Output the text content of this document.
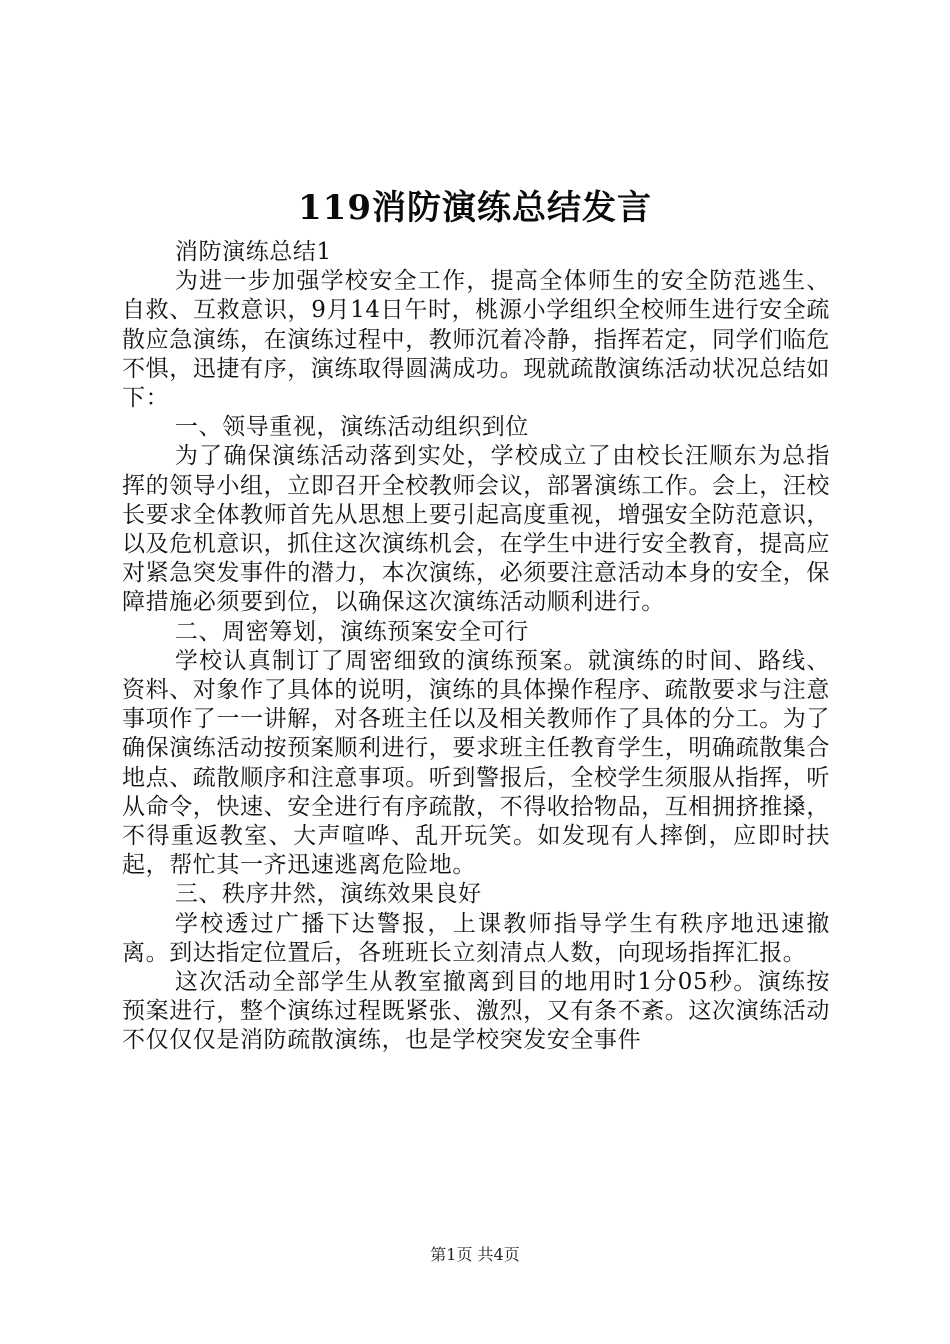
119消防演练总结发言

消防演练总结1

为进一步加强学校安全工作，提高全体师生的安全防范逃生、自救、互救意识，9月14日午时，桃源小学组织全校师生进行安全疏散应急演练，在演练过程中，教师沉着冷静，指挥若定，同学们临危不惧，迅捷有序，演练取得圆满成功。现就疏散演练活动状况总结如下：

一、领导重视，演练活动组织到位

为了确保演练活动落到实处，学校成立了由校长汪顺东为总指挥的领导小组，立即召开全校教师会议，部署演练工作。会上，汪校长要求全体教师首先从思想上要引起高度重视，增强安全防范意识，以及危机意识，抓住这次演练机会，在学生中进行安全教育，提高应对紧急突发事件的潜力，本次演练，必须要注意活动本身的安全，保障措施必须要到位，以确保这次演练活动顺利进行。

二、周密筹划，演练预案安全可行

学校认真制订了周密细致的演练预案。就演练的时间、路线、资料、对象作了具体的说明，演练的具体操作程序、疏散要求与注意事项作了一一讲解，对各班主任以及相关教师作了具体的分工。为了确保演练活动按预案顺利进行，要求班主任教育学生，明确疏散集合地点、疏散顺序和注意事项。听到警报后，全校学生须服从指挥，听从命令，快速、安全进行有序疏散，不得收拾物品，互相拥挤推搡，不得重返教室、大声喧哗、乱开玩笑。如发现有人摔倒，应即时扶起，帮忙其一齐迅速逃离危险地。

三、秩序井然，演练效果良好

学校透过广播下达警报，上课教师指导学生有秩序地迅速撤离。到达指定位置后，各班班长立刻清点人数，向现场指挥汇报。

这次活动全部学生从教室撤离到目的地用时1分05秒。演练按预案进行，整个演练过程既紧张、激烈，又有条不紊。这次演练活动不仅仅仅是消防疏散演练，也是学校突发安全事件

第1页 共4页
